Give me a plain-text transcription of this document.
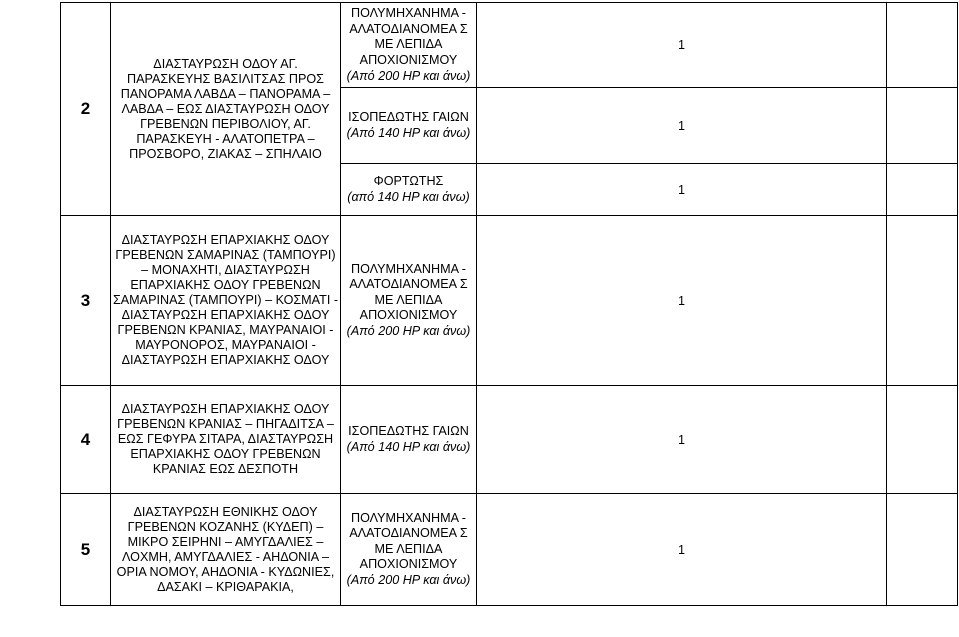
2	ΔΙΑΣΤΑΥΡΩΣΗ ΟΔΟΥ ΑΓ. ΠΑΡΑΣΚΕΥΗΣ ΒΑΣΙΛΙΤΣΑΣ ΠΡΟΣ ΠΑΝΟΡΑΜΑ ΛΑΒΔΑ – ΠΑΝΟΡΑΜΑ – ΛΑΒΔΑ – ΕΩΣ ΔΙΑΣΤΑΥΡΩΣΗ ΟΔΟΥ ΓΡΕΒΕΝΩΝ ΠΕΡΙΒΟΛΙΟΥ, ΑΓ. ΠΑΡΑΣΚΕΥΗ - ΑΛΑΤΟΠΕΤΡΑ – ΠΡΟΣΒΟΡΟ, ΖΙΑΚΑΣ – ΣΠΗΛΑΙΟ	ΠΟΛΥΜΗΧΑΝΗΜΑ - ΑΛΑΤΟΔΙΑΝΟΜΕΑ Σ ΜΕ ΛΕΠΙΔΑ ΑΠΟΧΙΟΝΙΣΜΟΥ
(Από 200 HP και άνω)	1	
		ΙΣΟΠΕΔΩΤΗΣ ΓΑΙΩΝ
(Από 140 HP και άνω)	1	
		ΦΟΡΤΩΤΗΣ
(από 140 HP και άνω)	1	
3	ΔΙΑΣΤΑΥΡΩΣΗ ΕΠΑΡΧΙΑΚΗΣ ΟΔΟΥ ΓΡΕΒΕΝΩΝ ΣΑΜΑΡΙΝΑΣ (ΤΑΜΠΟΥΡΙ) – ΜΟΝΑΧΗΤΙ, ΔΙΑΣΤΑΥΡΩΣΗ ΕΠΑΡΧΙΑΚΗΣ ΟΔΟΥ ΓΡΕΒΕΝΩΝ ΣΑΜΑΡΙΝΑΣ (ΤΑΜΠΟΥΡΙ) – ΚΟΣΜΑΤΙ - ΔΙΑΣΤΑΥΡΩΣΗ ΕΠΑΡΧΙΑΚΗΣ ΟΔΟΥ ΓΡΕΒΕΝΩΝ ΚΡΑΝΙΑΣ, ΜΑΥΡΑΝΑΙΟΙ - ΜΑΥΡΟΝΟΡΟΣ, ΜΑΥΡΑΝΑΙΟΙ - ΔΙΑΣΤΑΥΡΩΣΗ ΕΠΑΡΧΙΑΚΗΣ ΟΔΟΥ	ΠΟΛΥΜΗΧΑΝΗΜΑ - ΑΛΑΤΟΔΙΑΝΟΜΕΑ Σ ΜΕ ΛΕΠΙΔΑ ΑΠΟΧΙΟΝΙΣΜΟΥ
(Από 200 HP και άνω)	1	
4	ΔΙΑΣΤΑΥΡΩΣΗ ΕΠΑΡΧΙΑΚΗΣ ΟΔΟΥ ΓΡΕΒΕΝΩΝ ΚΡΑΝΙΑΣ – ΠΗΓΑΔΙΤΣΑ – ΕΩΣ ΓΕΦΥΡΑ ΣΙΤΑΡΑ, ΔΙΑΣΤΑΥΡΩΣΗ ΕΠΑΡΧΙΑΚΗΣ ΟΔΟΥ ΓΡΕΒΕΝΩΝ ΚΡΑΝΙΑΣ ΕΩΣ ΔΕΣΠΟΤΗ	ΙΣΟΠΕΔΩΤΗΣ ΓΑΙΩΝ
(Από 140 HP και άνω)	1	
5	ΔΙΑΣΤΑΥΡΩΣΗ ΕΘΝΙΚΗΣ ΟΔΟΥ ΓΡΕΒΕΝΩΝ ΚΟΖΑΝΗΣ (ΚΥΔΕΠ) – ΜΙΚΡΟ ΣΕΙΡΗΝΙ – ΑΜΥΓΔΑΛΙΕΣ – ΛΟΧΜΗ, ΑΜΥΓΔΑΛΙΕΣ - ΑΗΔΟΝΙΑ – ΟΡΙΑ ΝΟΜΟΥ, ΑΗΔΟΝΙΑ - ΚΥΔΩΝΙΕΣ, ΔΑΣΑΚΙ – ΚΡΙΘΑΡΑΚΙΑ,	ΠΟΛΥΜΗΧΑΝΗΜΑ - ΑΛΑΤΟΔΙΑΝΟΜΕΑ Σ ΜΕ ΛΕΠΙΔΑ ΑΠΟΧΙΟΝΙΣΜΟΥ
(Από 200 HP και άνω)	1	
